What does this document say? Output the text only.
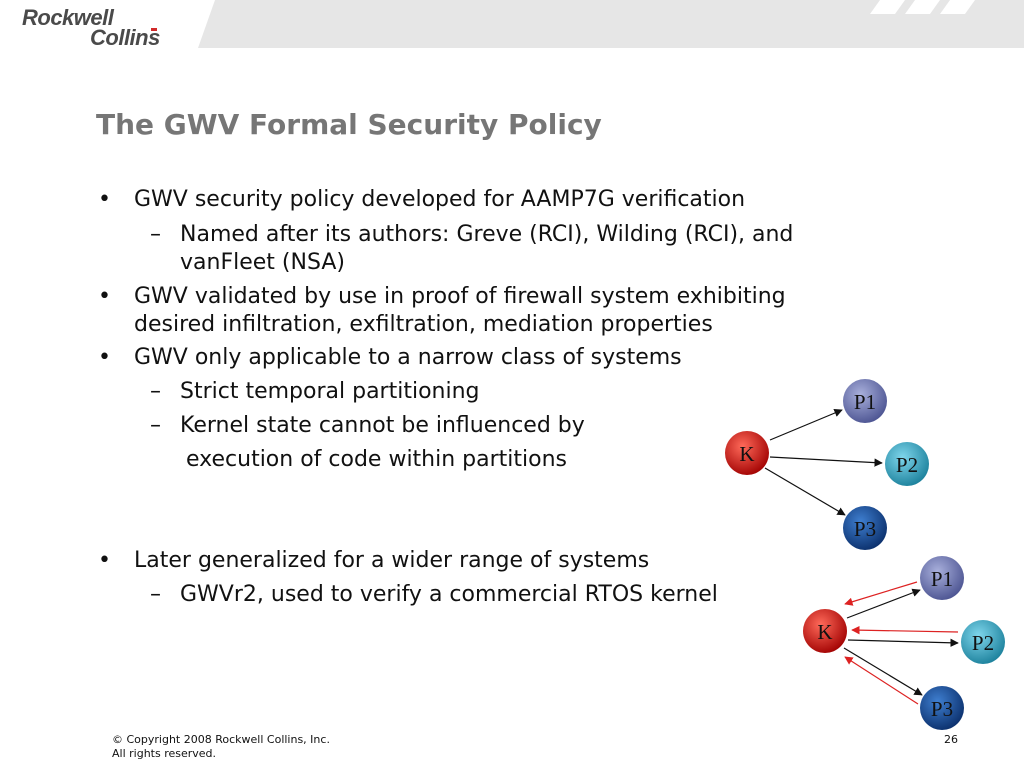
Rockwell
Collins
The GWV Formal Security Policy
• GWV security policy developed for AAMP7G verification
– Named after its authors: Greve (RCI), Wilding (RCI), and
vanFleet (NSA)
• GWV validated by use in proof of firewall system exhibiting
desired infiltration, exfiltration, mediation properties
• GWV only applicable to a narrow class of systems
– Strict temporal partitioning
– Kernel state cannot be influenced by
execution of code within partitions
• Later generalized for a wider range of systems
– GWVr2, used to verify a commercial RTOS kernel
K
P1
P2
P3
K
P1
P2
P3
© Copyright 2008 Rockwell Collins, Inc.
All rights reserved.
26
